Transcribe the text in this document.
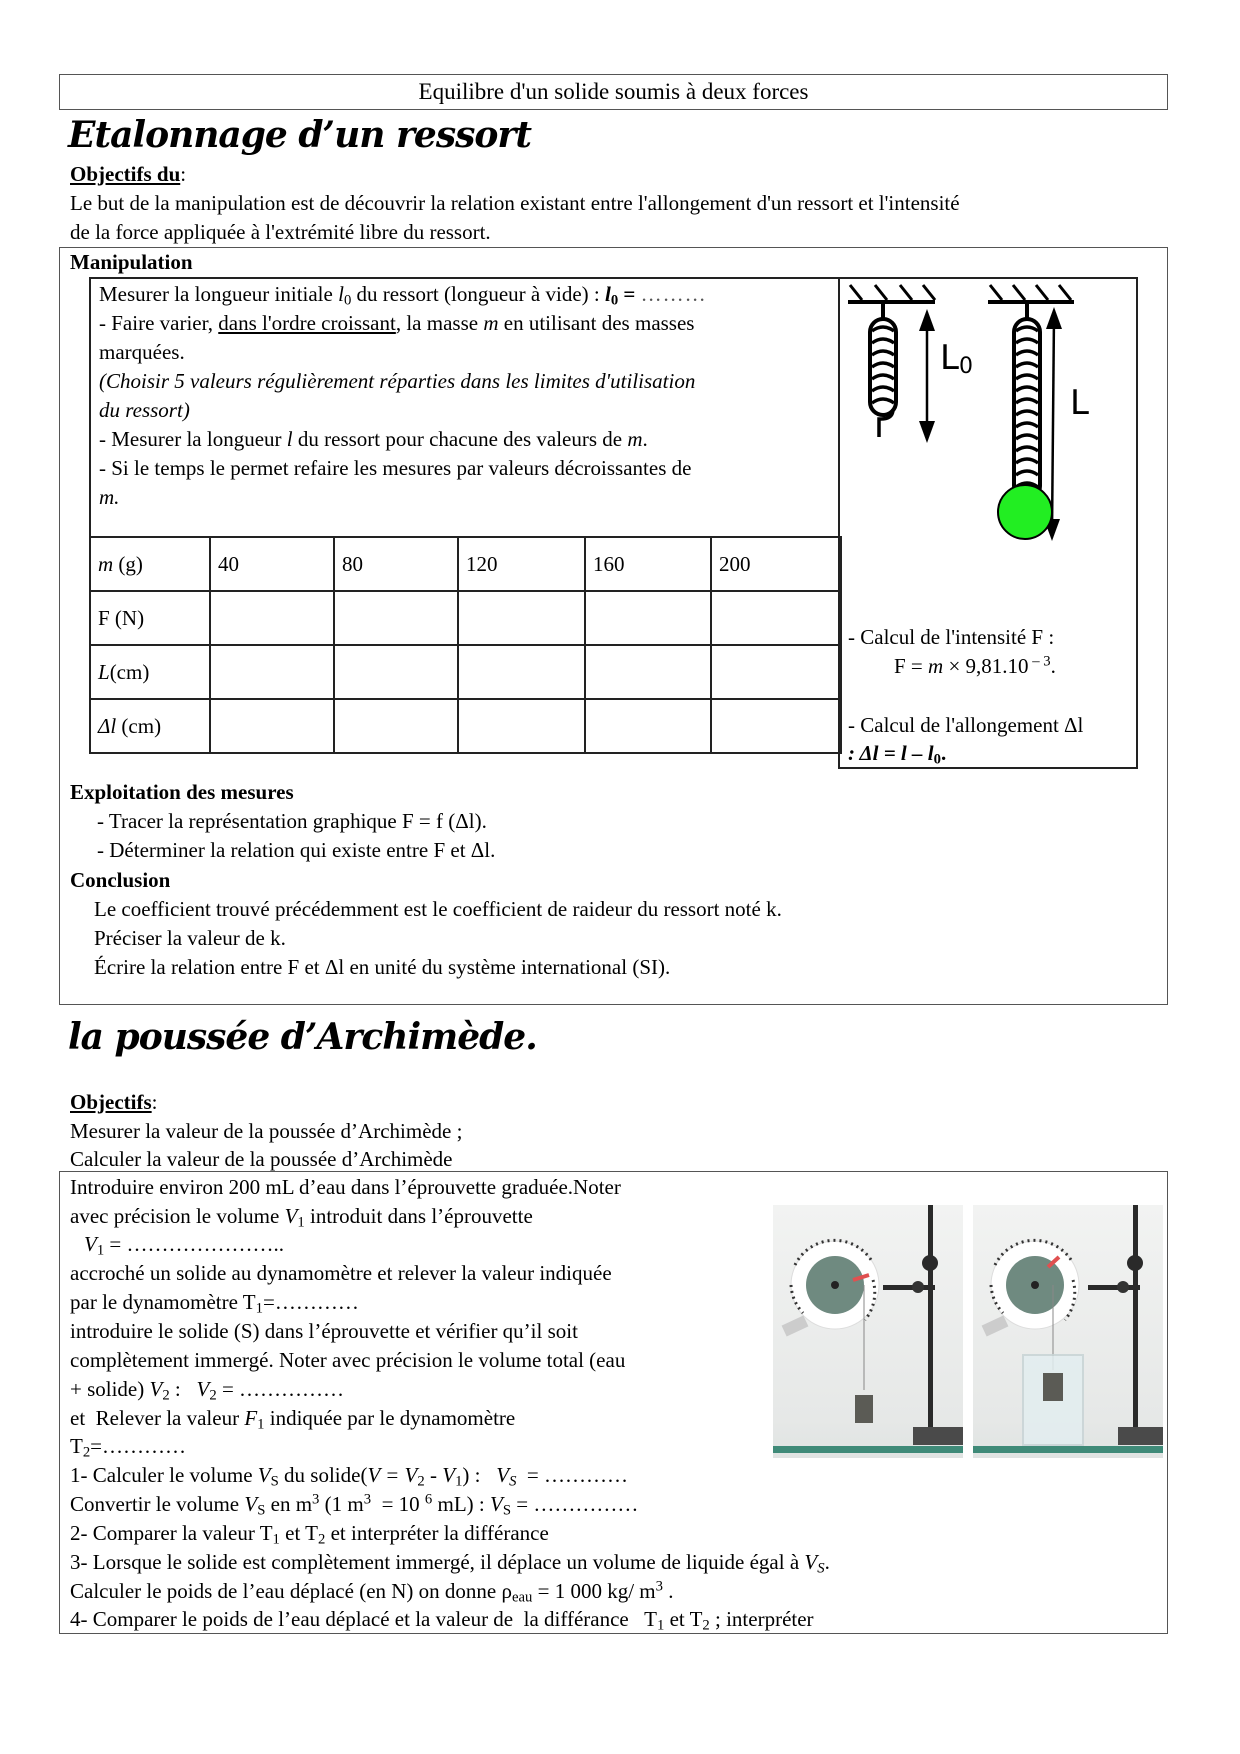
Equilibre d'un solide soumis à deux forces
Etalonnage d’un ressort
Objectifs du:
Le but de la manipulation est de découvrir la relation existant entre l'allongement d'un ressort et l'intensité
de la force appliquée à l'extrémité libre du ressort.
Manipulation
Mesurer la longueur initiale $l_0$ du ressort (longueur à vide) : $l_0$ = ………
- Faire varier, dans l'ordre croissant, la masse m en utilisant des masses
marquées.
(Choisir 5 valeurs régulièrement réparties dans les limites d'utilisation
du ressort)
- Mesurer la longueur l du ressort pour chacune des valeurs de m.
- Si le temps le permet refaire les mesures par valeurs décroissantes de
m.
m (g)	40	80	120	160	200
F (N)					
L(cm)					
Δl (cm)					
L0
L
- Calcul de l'intensité F :
F = m × 9,81.10 $^{- 3}$.
- Calcul de l'allongement Δl
: $\Delta l = l - l_0$.
Exploitation des mesures
- Tracer la représentation graphique F = f (Δl).
- Déterminer la relation qui existe entre F et Δl.
Conclusion
Le coefficient trouvé précédemment est le coefficient de raideur du ressort noté k.
Préciser la valeur de k.
Écrire la relation entre F et Δl en unité du système international (SI).
la poussée d’Archimède.
Objectifs:
Mesurer la valeur de la poussée d’Archimède ;
Calculer la valeur de la poussée d’Archimède
Introduire environ 200 mL d’eau dans l’éprouvette graduée.Noter
avec précision le volume $V_1$ introduit dans l’éprouvette
$V_1$ = …………………..
accroché un solide au dynamomètre et relever la valeur indiquée
par le dynamomètre $T_1=\dots\dots\dots\dots$
introduire le solide (S) dans l’éprouvette et vérifier qu’il soit
complètement immergé. Noter avec précision le volume total (eau
+ solide) $V_2$ :   $V_2$ = ……………
et  Relever la valeur $F_1$ indiquée par le dynamomètre
$T_2=\dots\dots\dots\dots$
1- Calculer le volume $V_S$ du solide(V = $V_2 - V_1$) :   $V_S$  = …………
Convertir le volume $V_S$ en $m^3$ (1 $m^3 = 10$ $^6$ mL) : $V_S$ = ……………
2- Comparer la valeur $T_1$ et $T_2$ et interpréter la différance
3- Lorsque le solide est complètement immergé, il déplace un volume de liquide égal à $V_S$.
Calculer le poids de l’eau déplacé (en N) on donne $\rho_{eau} = 1$ 000 kg/ $m^3$ .
4- Comparer le poids de l’eau déplacé et la valeur de  la différance   $T_1$ et $T_2$ ; interpréter
